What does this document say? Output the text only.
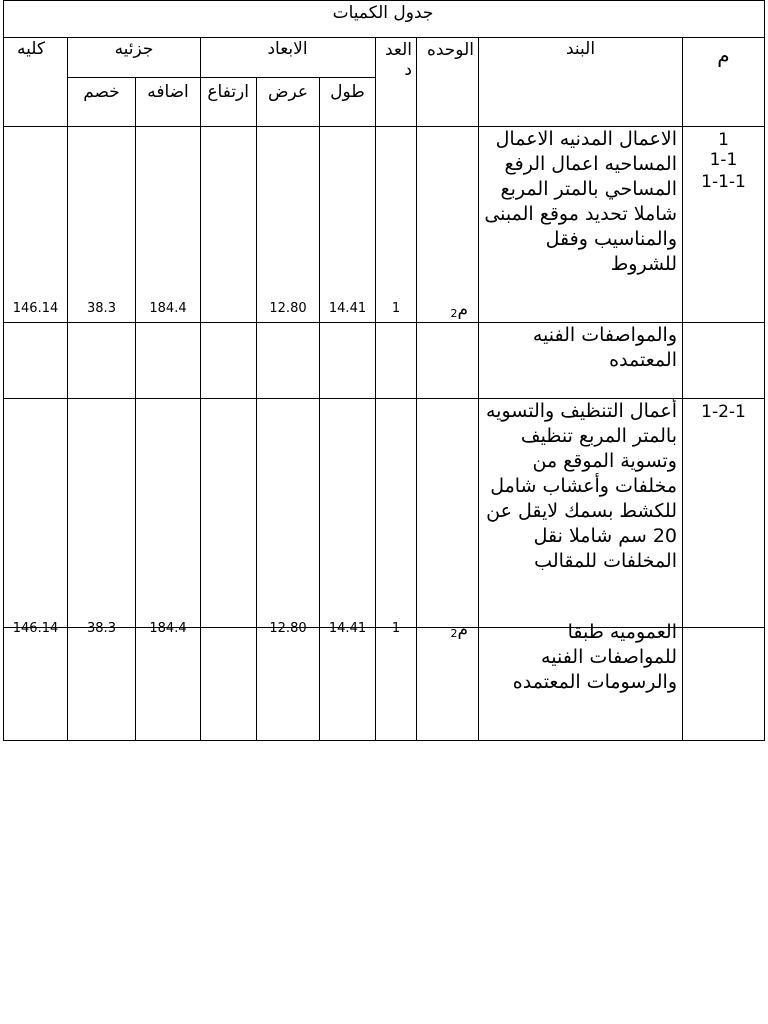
جدول الكميات
م
البند
الوحده
العدد
الابعاد
طول
عرض
ارتفاع
جزئيه
اضافه
خصم
كليه
1
1-1
1-1-1
الاعمال المدنيه الاعمال المساحيه اعمال الرفع المساحي بالمتر المربع شاملا تحديد موقع المبنى والمناسيب وفقل للشروط
والمواصفات الفنيه المعتمده
م$^2$
1
14.41
12.80
184.4
38.3
146.14
1-2-1
أعمال التنظيف والتسويه بالمتر المربع تنظيف وتسوية الموقع من مخلفات وأعشاب شامل للكشط بسمك لايقل عن 20 سم شاملا نقل المخلفات للمقالب
العموميه طبقا للمواصفات الفنيه والرسومات المعتمده
م$^2$
1
14.41
12.80
184.4
38.3
146.14
